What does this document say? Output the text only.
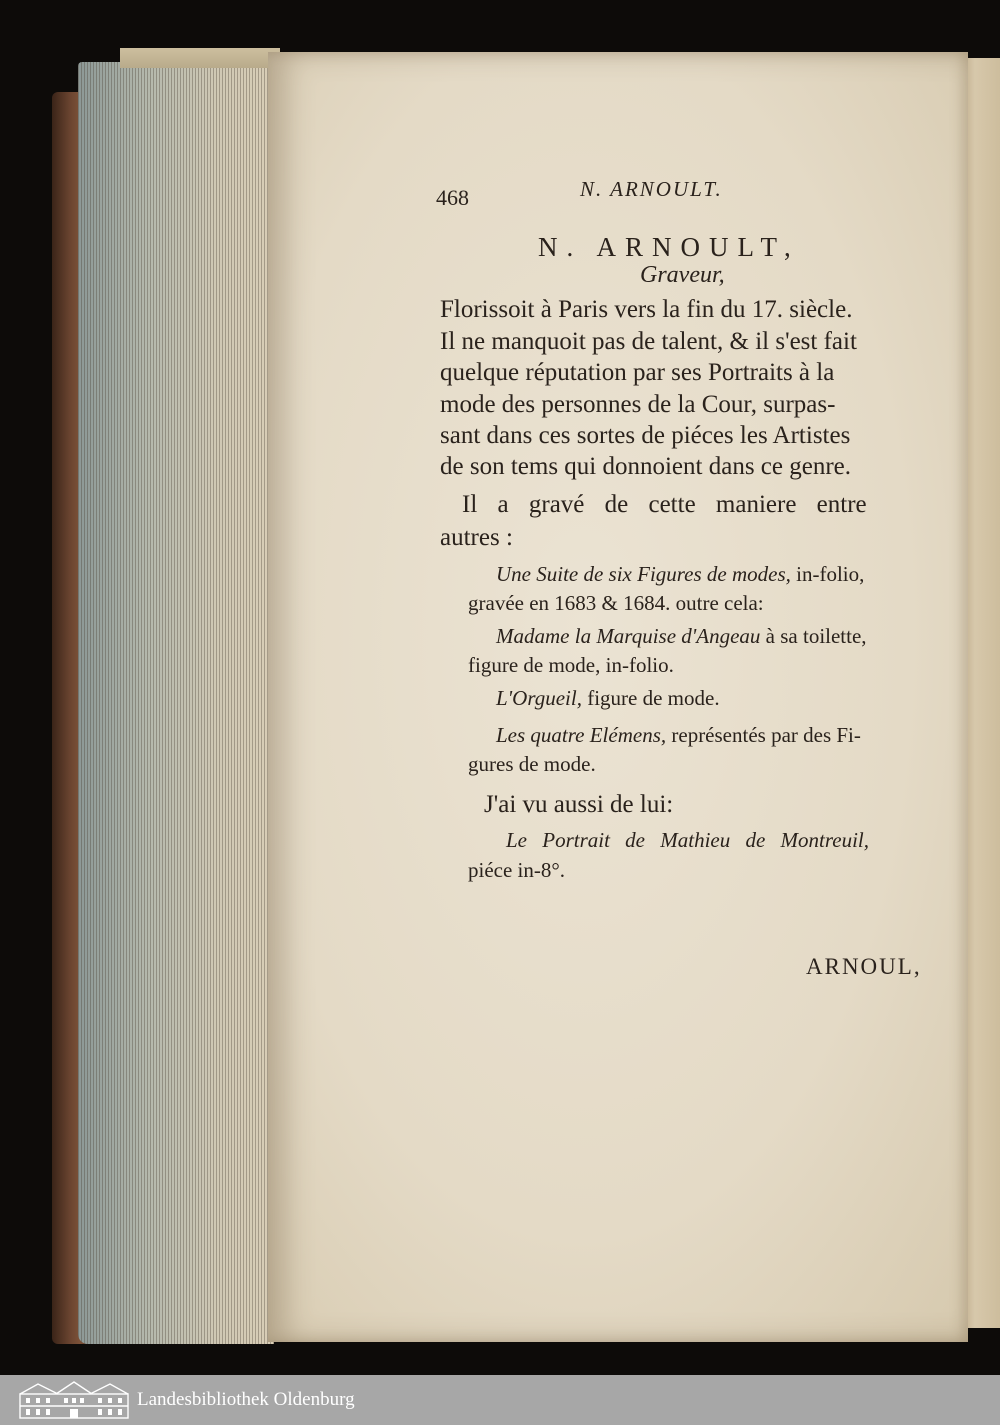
468	N. ARNOULT.
N. ARNOULT,
Graveur,
Florissoit à Paris vers la fin du 17. siècle.
Il ne manquoit pas de talent, & il s'est fait
quelque réputation par ses Portraits à la
mode des personnes de la Cour, surpas-
sant dans ces sortes de piéces les Artistes
de son tems qui donnoient dans ce genre.
Il a gravé de cette maniere entre
autres :
Une Suite de six Figures de modes, in-folio,
gravée en 1683 & 1684. outre cela:
Madame la Marquise d'Angeau à sa toilette,
figure de mode, in-folio.
L'Orgueil, figure de mode.
Les quatre Elémens, représentés par des Fi-
gures de mode.
J'ai vu aussi de lui:
Le Portrait de Mathieu de Montreuil,
piéce in-8°.
ARNOUL,
Landesbibliothek Oldenburg
